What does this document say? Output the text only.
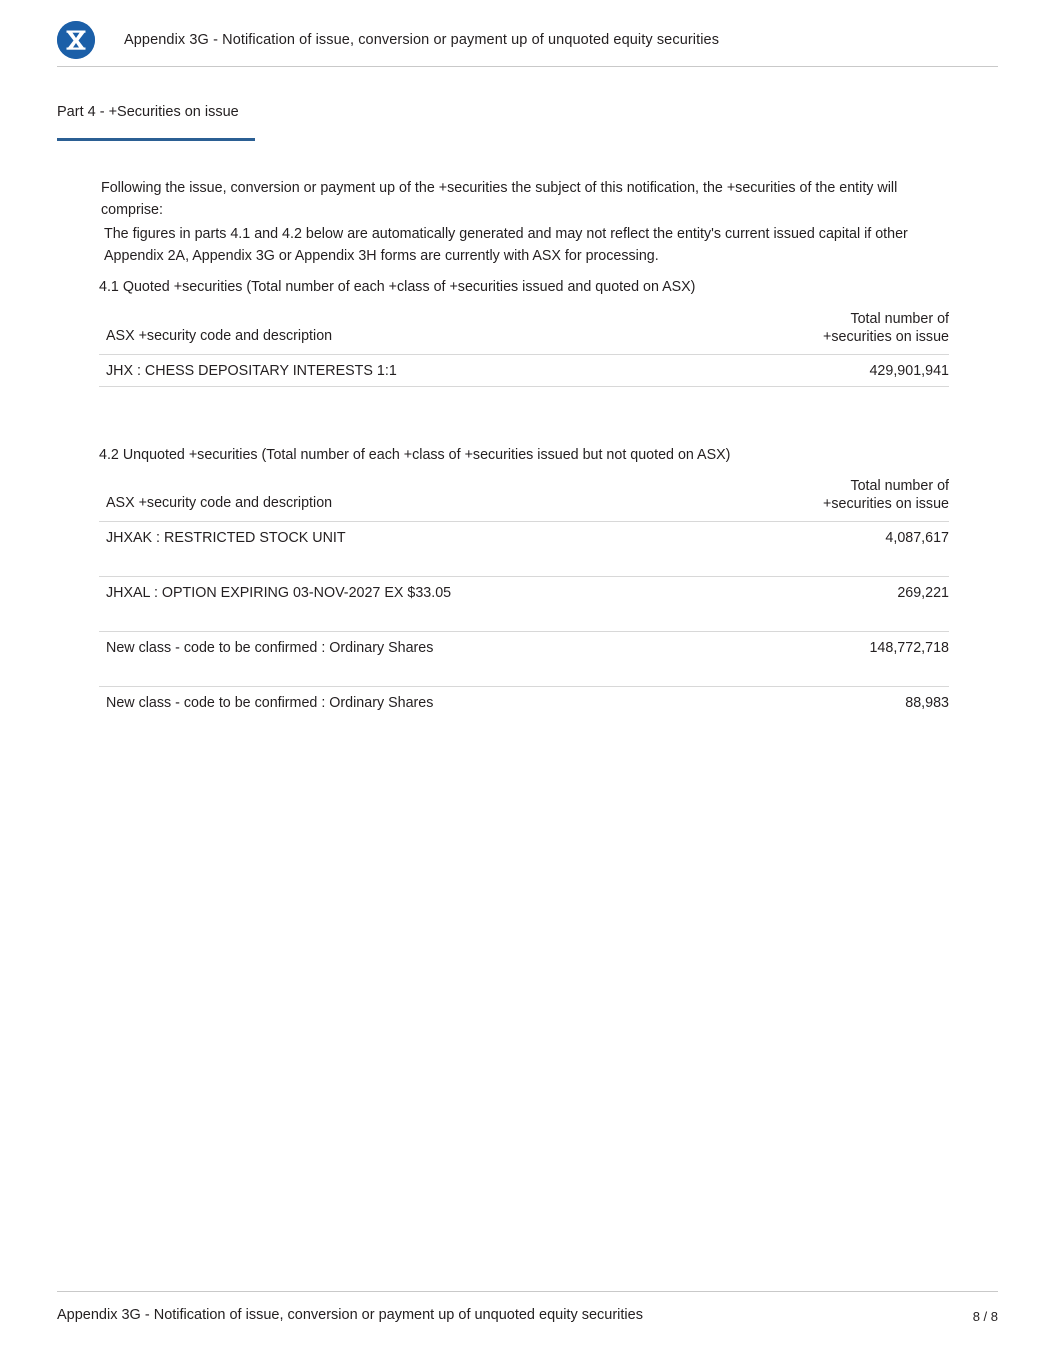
Appendix 3G - Notification of issue, conversion or payment up of unquoted equity securities
Part 4 - +Securities on issue
Following the issue, conversion or payment up of the +securities the subject of this notification, the +securities of the entity will comprise:
The figures in parts 4.1 and 4.2 below are automatically generated and may not reflect the entity's current issued capital if other Appendix 2A, Appendix 3G or Appendix 3H forms are currently with ASX for processing.
4.1 Quoted +securities (Total number of each +class of +securities issued and quoted on ASX)
ASX +security code and description
Total number of
+securities on issue
JHX : CHESS DEPOSITARY INTERESTS 1:1	429,901,941
4.2 Unquoted +securities (Total number of each +class of +securities issued but not quoted on ASX)
ASX +security code and description
Total number of
+securities on issue
JHXAK : RESTRICTED STOCK UNIT	4,087,617
JHXAL : OPTION EXPIRING 03-NOV-2027 EX $33.05	269,221
New class - code to be confirmed : Ordinary Shares	148,772,718
New class - code to be confirmed : Ordinary Shares	88,983
Appendix 3G - Notification of issue, conversion or payment up of unquoted equity securities	8 / 8
